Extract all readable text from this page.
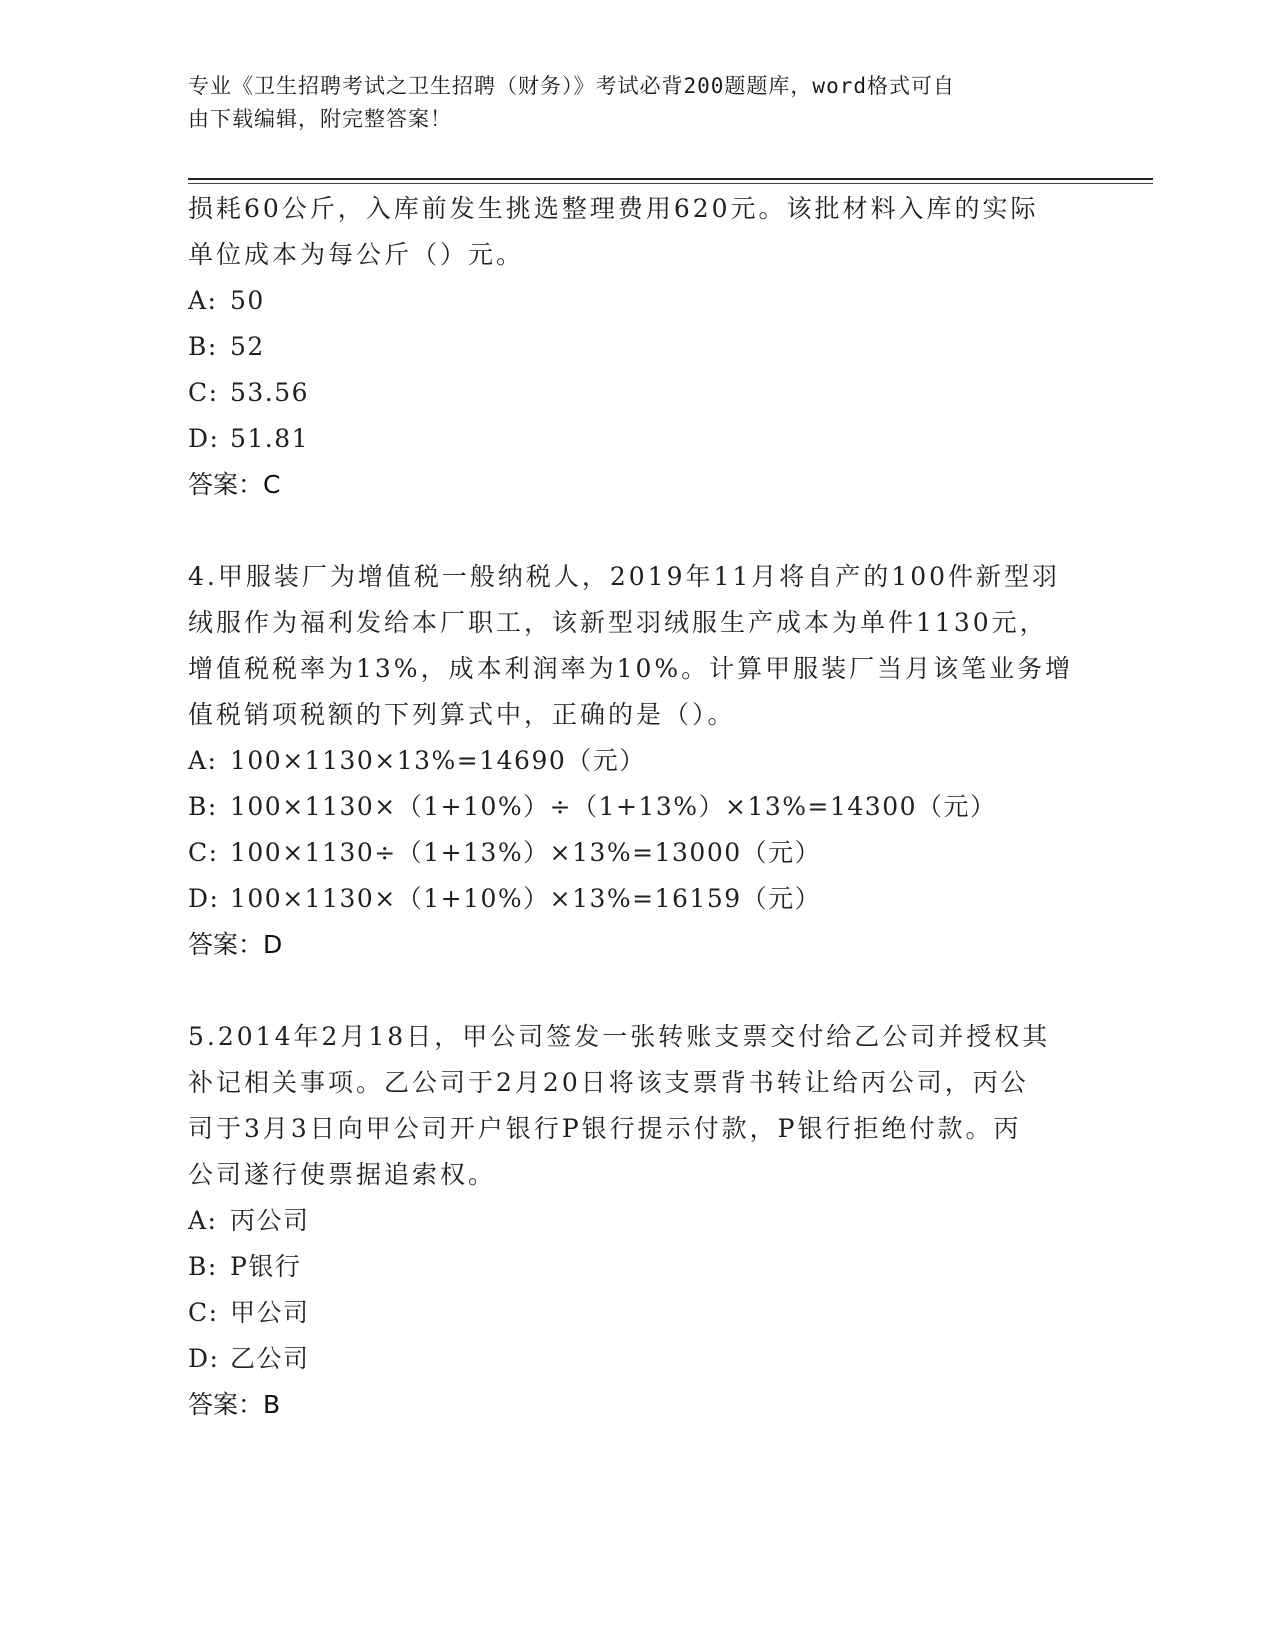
专业《卫生招聘考试之卫生招聘（财务）》考试必背200题题库，word格式可自
由下载编辑，附完整答案！

损耗60公斤，入库前发生挑选整理费用620元。该批材料入库的实际

单位成本为每公斤（）元。

A: 50

B: 52

C: 53.56

D: 51.81

答案：C

4.甲服装厂为增值税一般纳税人，2019年11月将自产的100件新型羽

绒服作为福利发给本厂职工，该新型羽绒服生产成本为单件1130元，

增值税税率为13%，成本利润率为10%。计算甲服装厂当月该笔业务增

值税销项税额的下列算式中，正确的是（）。

A: 100×1130×13%=14690（元）

B: 100×1130×（1+10%）÷（1+13%）×13%=14300（元）

C: 100×1130÷（1+13%）×13%=13000（元）

D: 100×1130×（1+10%）×13%=16159（元）

答案：D

5.2014年2月18日，甲公司签发一张转账支票交付给乙公司并授权其

补记相关事项。乙公司于2月20日将该支票背书转让给丙公司，丙公

司于3月3日向甲公司开户银行P银行提示付款，P银行拒绝付款。丙

公司遂行使票据追索权。

A: 丙公司

B: P银行

C: 甲公司

D: 乙公司

答案：B
